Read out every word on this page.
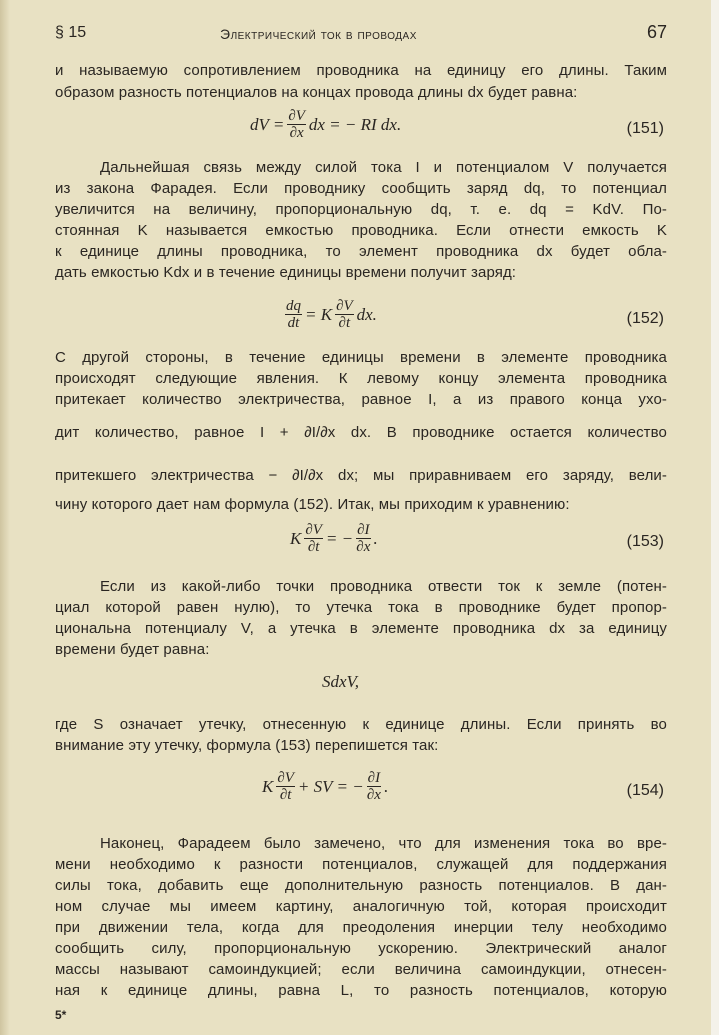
§ 15	Электрический ток в проводах	67
и называемую сопротивлением проводника на единицу его длины. Таким
образом разность потенциалов на концах провода длины dx будет равна:
dV = $\frac{\partial V}{\partial x}$ dx = − RI dx.	(151)
Дальнейшая связь между силой тока I и потенциалом V получается
из закона Фарадея. Если проводнику сообщить заряд dq, то потенциал
увеличится на величину, пропорциональную dq, т. е. dq = KdV. По-
стоянная K называется емкостью проводника. Если отнести емкость K
к единице длины проводника, то элемент проводника dx будет обла-
дать емкостью Kdx и в течение единицы времени получит заряд:
$\frac{dq}{dt} = K \frac{\partial V}{\partial t}$ dx.	(152)
С другой стороны, в течение единицы времени в элементе проводника
происходят следующие явления. К левому концу элемента проводника
притекает количество электричества, равное I, а из правого конца ухо-
дит количество, равное I + ∂I/∂x dx. В проводнике остается количество
притекшего электричества − ∂I/∂x dx; мы приравниваем его заряду, вели-
чину которого дает нам формула (152). Итак, мы приходим к уравнению:
K $\frac{\partial V}{\partial t}$ = − $\frac{\partial I}{\partial x}$ .	(153)
Если из какой-либо точки проводника отвести ток к земле (потен-
циал которой равен нулю), то утечка тока в проводнике будет пропор-
циональна потенциалу V, а утечка в элементе проводника dx за единицу
времени будет равна:
SdxV,
где S означает утечку, отнесенную к единице длины. Если принять во
внимание эту утечку, формула (153) перепишется так:
K $\frac{\partial V}{\partial t}$ + SV = − $\frac{\partial I}{\partial x}$ .	(154)
Наконец, Фарадеем было замечено, что для изменения тока во вре-
мени необходимо к разности потенциалов, служащей для поддержания
силы тока, добавить еще дополнительную разность потенциалов. В дан-
ном случае мы имеем картину, аналогичную той, которая происходит
при движении тела, когда для преодоления инерции телу необходимо
сообщить силу, пропорциональную ускорению. Электрический аналог
массы называют самоиндукцией; если величина самоиндукции, отнесен-
ная к единице длины, равна L, то разность потенциалов, которую
5*
